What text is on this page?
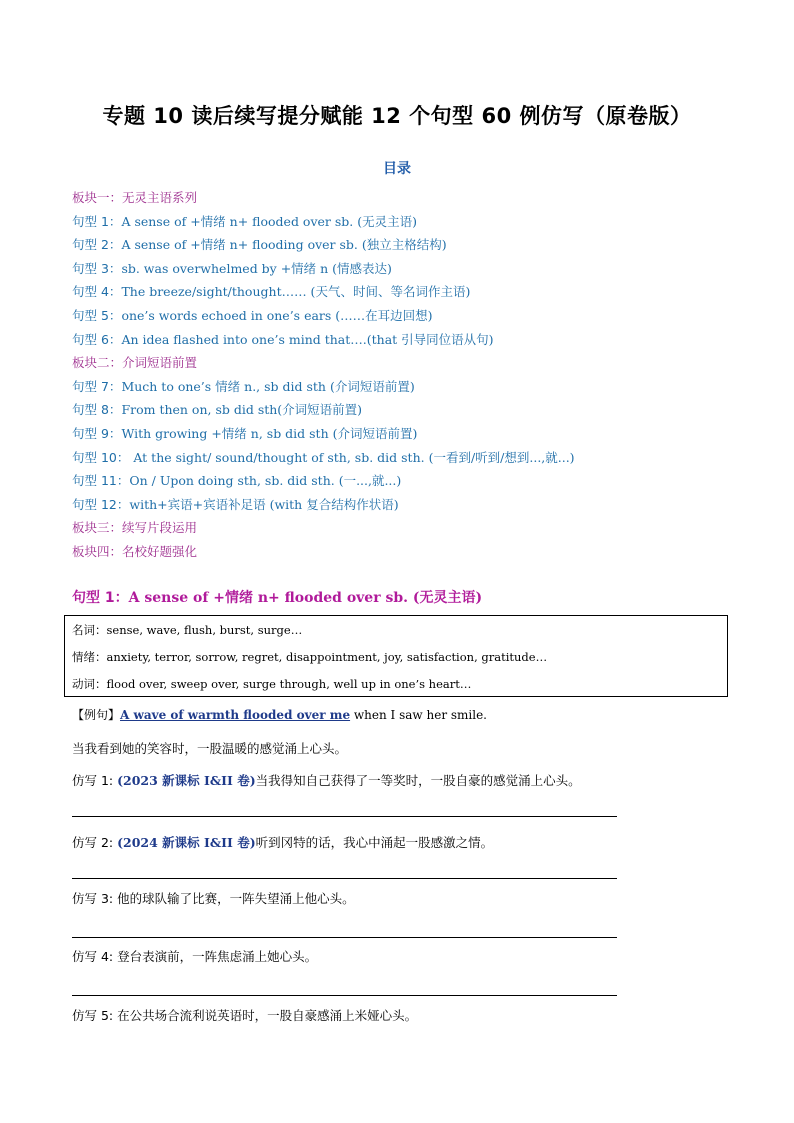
专题 10 读后续写提分赋能 12 个句型 60 例仿写（原卷版）
目录
板块一：无灵主语系列
句型 1：A sense of +情绪 n+ flooded over sb. (无灵主语)
句型 2：A sense of +情绪 n+ flooding over sb. (独立主格结构)
句型 3：sb. was overwhelmed by +情绪 n (情感表达)
句型 4：The breeze/sight/thought…… (天气、时间、等名词作主语)
句型 5：one’s words echoed in one’s ears (……在耳边回想)
句型 6：An idea flashed into one’s mind that….(that 引导同位语从句)
板块二：介词短语前置
句型 7：Much to one’s 情绪 n., sb did sth (介词短语前置)
句型 8：From then on, sb did sth(介词短语前置)
句型 9：With growing +情绪 n, sb did sth (介词短语前置)
句型 10： At the sight/ sound/thought of sth, sb. did sth. (一看到/听到/想到...,就...)
句型 11：On / Upon doing sth, sb. did sth. (一...,就...)
句型 12：with+宾语+宾语补足语 (with 复合结构作状语)
板块三：续写片段运用
板块四：名校好题强化
句型 1：A sense of +情绪 n+ flooded over sb. (无灵主语)
名词：sense, wave, flush, burst, surge…
情绪：anxiety, terror, sorrow, regret, disappointment, joy, satisfaction, gratitude…
动词：flood over, sweep over, surge through, well up in one’s heart…
【例句】A wave of warmth flooded over me when I saw her smile.
当我看到她的笑容时，一股温暖的感觉涌上心头。
仿写 1: (2023 新课标 I&II 卷)当我得知自己获得了一等奖时，一股自豪的感觉涌上心头。
仿写 2: (2024 新课标 I&II 卷)听到冈特的话，我心中涌起一股感激之情。
仿写 3: 他的球队输了比赛，一阵失望涌上他心头。
仿写 4: 登台表演前，一阵焦虑涌上她心头。
仿写 5: 在公共场合流利说英语时，一股自豪感涌上米娅心头。
